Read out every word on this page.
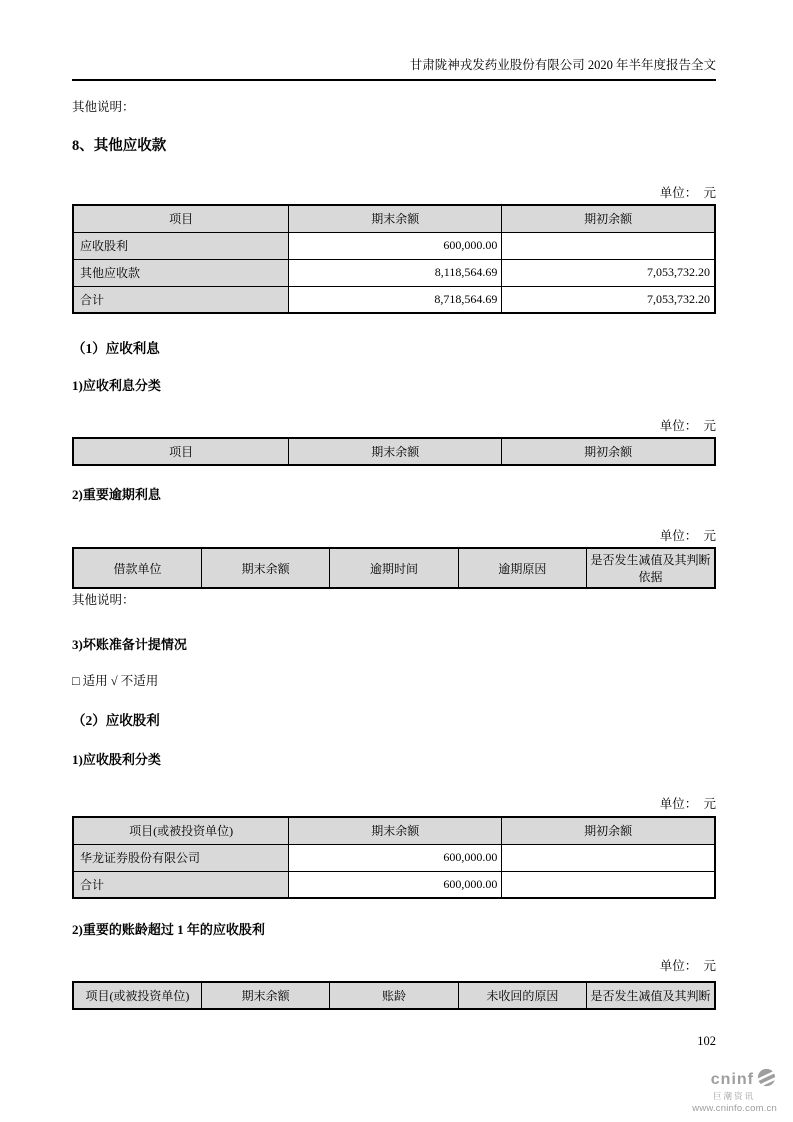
甘肃陇神戎发药业股份有限公司 2020 年半年度报告全文
其他说明：
8、其他应收款
单位：  元
项目	期末余额	期初余额
应收股利	600,000.00	
其他应收款	8,118,564.69	7,053,732.20
合计	8,718,564.69	7,053,732.20
（1）应收利息
1)应收利息分类
单位：  元
项目	期末余额	期初余额
2)重要逾期利息
单位：  元
借款单位	期末余额	逾期时间	逾期原因	是否发生减值及其判断依据
其他说明：
3)坏账准备计提情况
□ 适用 √ 不适用
（2）应收股利
1)应收股利分类
单位：  元
项目(或被投资单位)	期末余额	期初余额
华龙证券股份有限公司	600,000.00	
合计	600,000.00	
2)重要的账龄超过 1 年的应收股利
单位：  元
项目(或被投资单位)	期末余额	账龄	未收回的原因	是否发生减值及其判断
102
cninf
巨潮资讯
www.cninfo.com.cn
